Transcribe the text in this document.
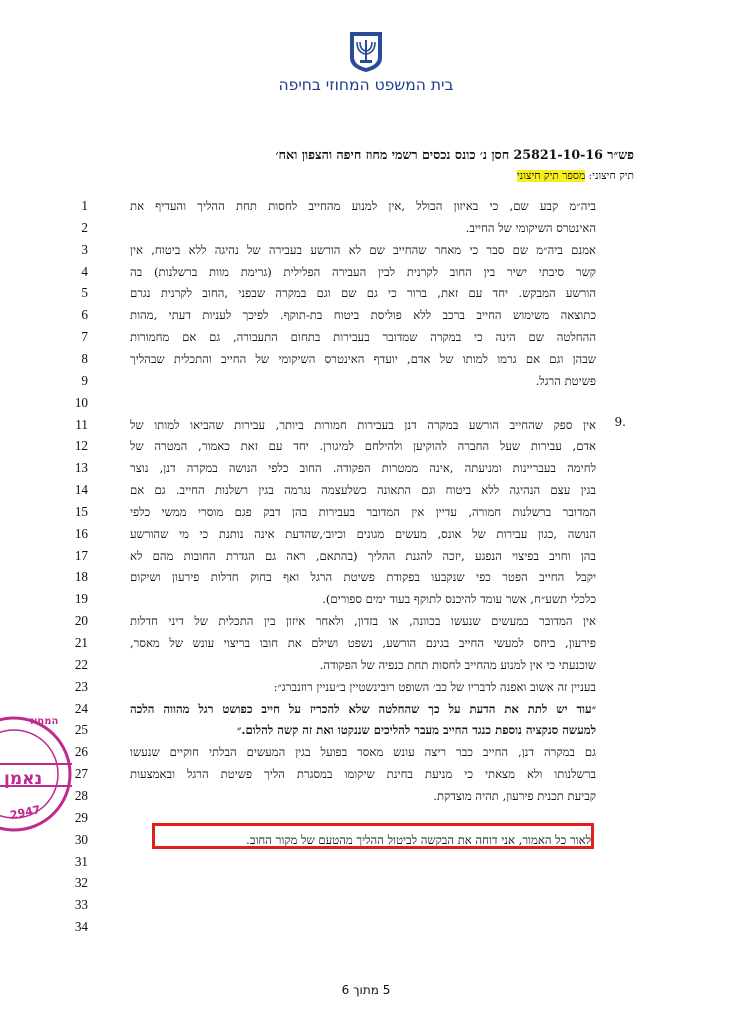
בית המשפט המחוזי בחיפה
פש״ר 25821-10-16 חסן נ׳ כונס נכסים רשמי מחוז חיפה והצפון ואח׳
תיק חיצוני: מספר תיק חיצוני
1	ביה״מ קבע שם, כי באיזון הכולל ,אין למנוע מהחייב לחסות תחת ההליך והעדיף את
2	האינטרס השיקומי של החייב.
3	אמנם ביה״מ שם סבר כי מאחר שהחייב שם לא הורשע בעבירה של נהיגה ללא ביטוח, אין
4	קשר סיבתי ישיר בין החוב לקרנית לבין העבירה הפלילית (גרימת מוות ברשלנות) בה
5	הורשע המבקש. יחד עם זאת, ברור כי גם שם וגם במקרה שבפני ,החוב לקרנית נגרם
6	כתוצאה משימוש החייב ברכב ללא פוליסת ביטוח בת-תוקף. לפיכך לעניות דעתי ,מהות
7	ההחלטה שם הינה כי במקרה שמדובר בעבירות בתחום התעבורה, גם אם מחמורות
8	שבהן וגם אם גרמו למותו של אדם, יועדף האינטרס השיקומי של החייב והתכלית שבהליך
9	פשיטת הרגל.
10
11	אין ספק שהחייב הורשע במקרה דנן בעבירות חמורות ביותר, עבירות שהביאו למותו של
12	אדם, עבירות שעל החברה להוקיען ולהילחם למיגורן. יחד עם זאת כאמור, המטרה של
13	לחימה בעבריינות ומניעתה ,אינה ממטרות הפקודה. החוב כלפי הנושה במקרה דנן, נוצר
14	בגין עצם הנהיגה ללא ביטוח וגם התאונה כשלעצמה נגרמה בגין רשלנות החייב. גם אם
15	המדובר ברשלנות חמורה, עדיין אין המדובר בעבירות בהן דבק פגם מוסרי ממשי כלפי
16	הנושה ,כגון עבירות של אונס, מעשים מגונים וכיוב׳,שהדעת אינה נותנת כי מי שהורשע
17	בהן וחויב בפיצוי הנפגע ,יזכה להגנת ההליך (בהתאם, ראה גם הגדרת החובות מהם לא
18	יקבל החייב הפטר כפי שנקבעו בפקודת פשיטת הרגל ואף בחוק חדלות פירעון ושיקום
19	כלכלי תשע״ח, אשר עומד להיכנס לתוקף בעוד ימים ספורים).
20	אין המדובר במעשים שנעשו בכוונה, או בזדון, ולאחר איזון בין התכלית של דיני חדלות
21	פירעון, ביחס למעשי החייב בגינם הורשע, נשפט ושילם את חובו בריצוי עונש של מאסר,
22	שוכנעתי כי אין למנוע מהחייב לחסות תחת כנפיה של הפקודה.
23	בעניין זה אשוב ואפנה לדבריו של כב׳ השופט רובינשטיין ב״עניין רוזנברג״:
24	״עוד יש לתת את הדעת על כך שהחלטה שלא להכריז על חייב כפושט רגל מהווה הלכה
25	למעשה סנקציה נוספת כנגד החייב מעבר להליכים שננקטו ואת זה קשה להלום.״
26	גם במקרה דנן, החייב כבר ריצה עונש מאסר בפועל בגין המעשים הבלתי חוקיים שנעשו
27	ברשלנותו ולא מצאתי כי מניעת בחינת שיקומו במסגרת הליך פשיטת הרגל ובאמצעות
28	קביעת תכנית פירעון, תהיה מוצדקת.
29
30	לאור כל האמור, אני דוחה את הבקשה לביטול ההליך מהטעם של מקור החוב.
31
32
33
34
9.
5 מתוך 6
המחוז
נאמן
2947
